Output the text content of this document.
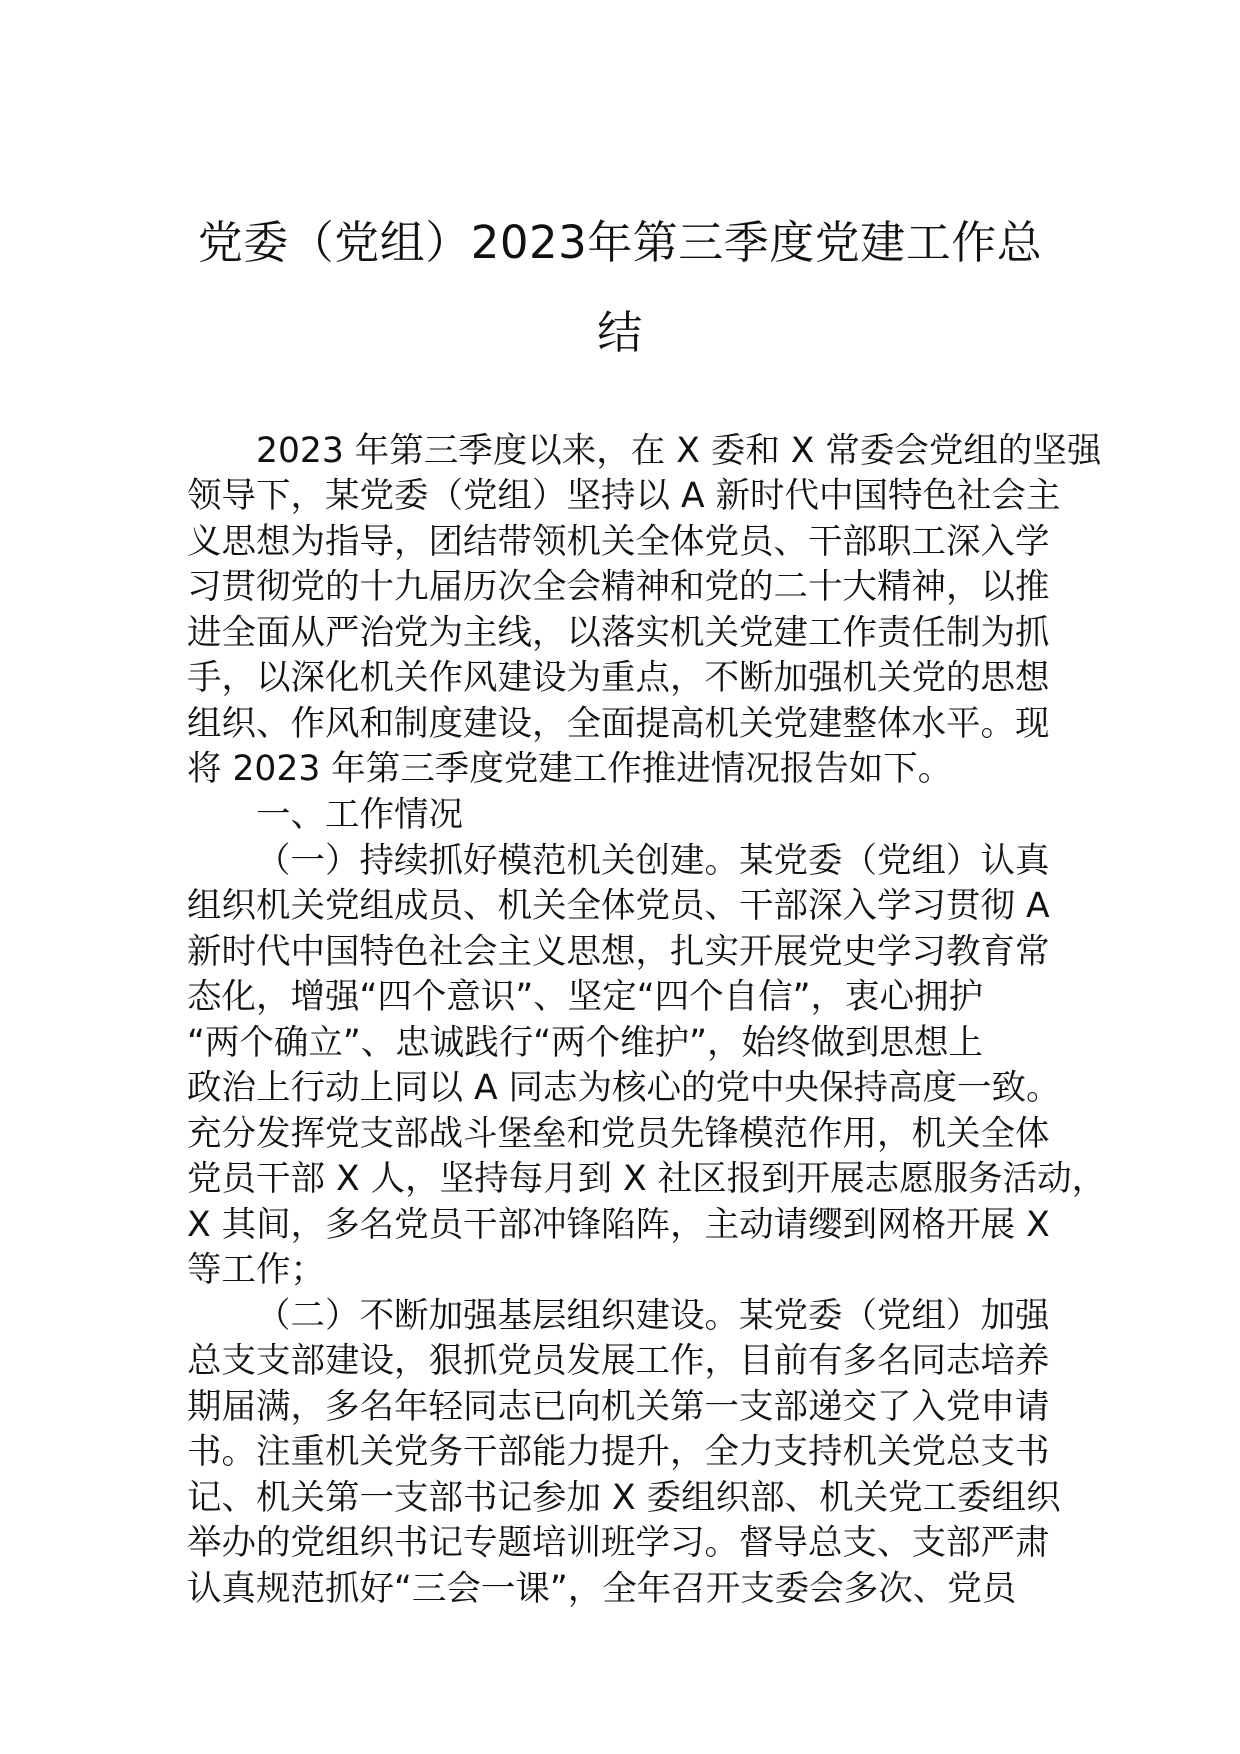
党委（党组）2023年第三季度党建工作总
结
2023 年第三季度以来，在 X 委和 X 常委会党组的坚强
领导下，某党委（党组）坚持以 A 新时代中国特色社会主
义思想为指导，团结带领机关全体党员、干部职工深入学
习贯彻党的十九届历次全会精神和党的二十大精神，以推
进全面从严治党为主线，以落实机关党建工作责任制为抓
手，以深化机关作风建设为重点，不断加强机关党的思想
组织、作风和制度建设，全面提高机关党建整体水平。现
将 2023 年第三季度党建工作推进情况报告如下。
一、工作情况
（一）持续抓好模范机关创建。某党委（党组）认真
组织机关党组成员、机关全体党员、干部深入学习贯彻 A
新时代中国特色社会主义思想，扎实开展党史学习教育常
态化，增强“四个意识”、坚定“四个自信”，衷心拥护
“两个确立”、忠诚践行“两个维护”，始终做到思想上
政治上行动上同以 A 同志为核心的党中央保持高度一致。
充分发挥党支部战斗堡垒和党员先锋模范作用，机关全体
党员干部 X 人，坚持每月到 X 社区报到开展志愿服务活动，
X 其间，多名党员干部冲锋陷阵，主动请缨到网格开展 X
等工作；
（二）不断加强基层组织建设。某党委（党组）加强
总支支部建设，狠抓党员发展工作，目前有多名同志培养
期届满，多名年轻同志已向机关第一支部递交了入党申请
书。注重机关党务干部能力提升，全力支持机关党总支书
记、机关第一支部书记参加 X 委组织部、机关党工委组织
举办的党组织书记专题培训班学习。督导总支、支部严肃
认真规范抓好“三会一课”，全年召开支委会多次、党员
